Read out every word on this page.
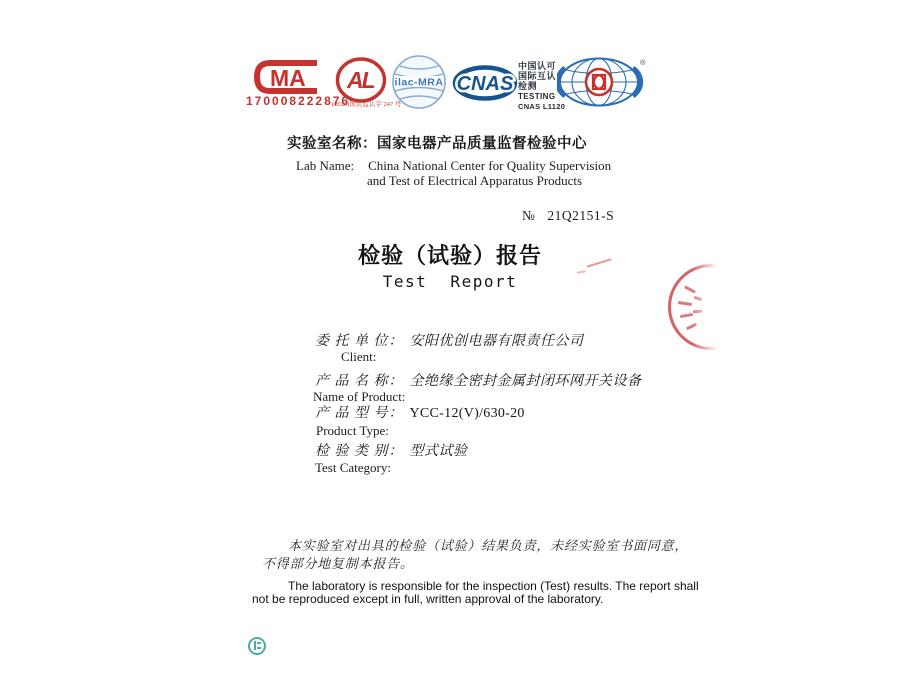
MA
170008222876
(2020)国认监认字 247 号
AL ilac-MRA CNAS
中国认可
国际互认
检测
TESTING
CNAS L1120
®
实验室名称：国家电器产品质量监督检验中心
Lab Name: China National Center for Quality Supervision
and Test of Electrical Apparatus Products
№ 21Q2151-S
检验（试验）报告
Test Report
委 托 单 位： 安阳优创电器有限责任公司
Client:
产 品 名 称： 全绝缘全密封金属封闭环网开关设备
Name of Product:
产 品 型 号： YCC-12(V)/630-20
Product Type:
检 验 类 别： 型式试验
Test Category:
本实验室对出具的检验（试验）结果负责，未经实验室书面同意，
不得部分地复制本报告。
The laboratory is responsible for the inspection (Test) results. The report shall
not be reproduced except in full, written approval of the laboratory.
